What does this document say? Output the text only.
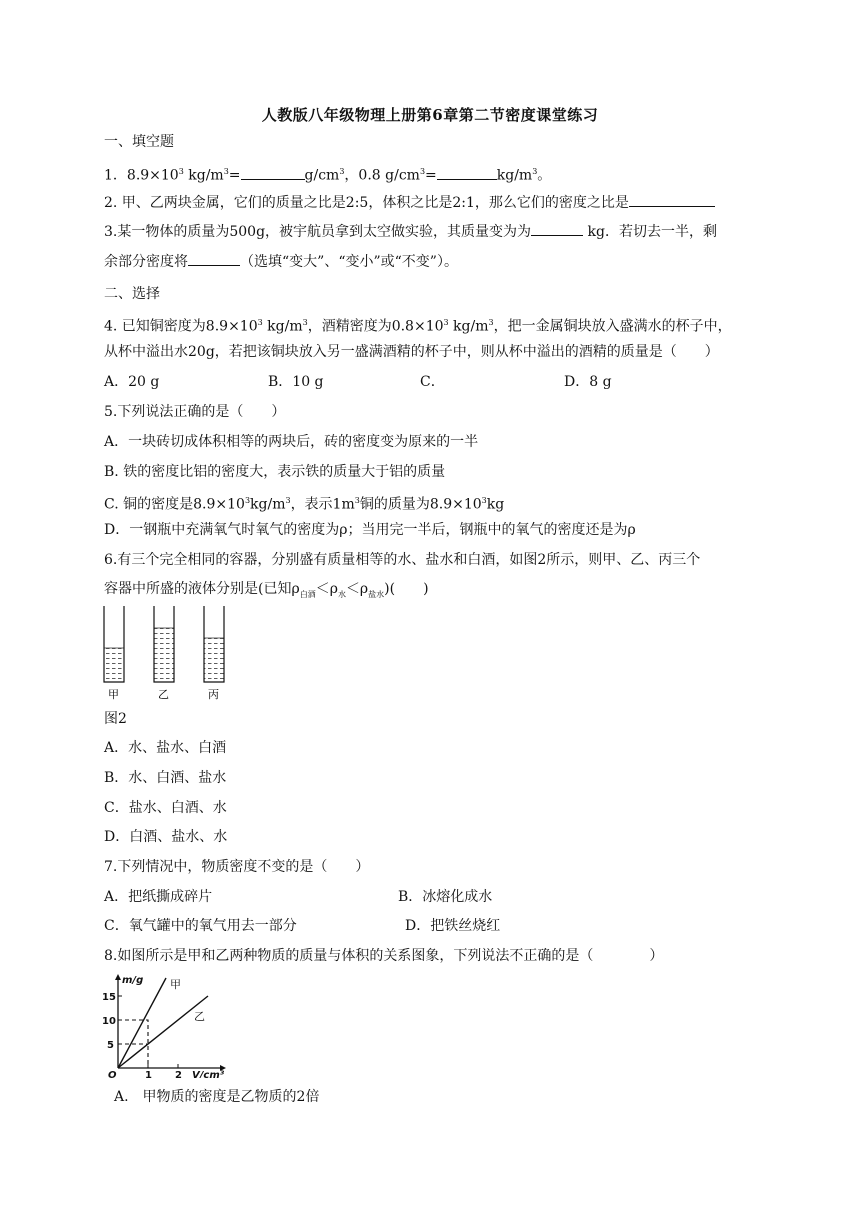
人教版八年级物理上册第6章第二节密度课堂练习
一、填空题
1．$8.9\times 10^3$ $kg/m^3=$	$g/cm^3$，0.8 $g/cm^3=$	$kg/m^3$。
2. 甲、乙两块金属，它们的质量之比是2:5，体积之比是2:1，那么它们的密度之比是
3.某一物体的质量为500g，被宇航员拿到太空做实验，其质量变为为	kg．若切去一半，剩
余部分密度将	（选填“变大”、“变小”或“不变”）。
二、选择
4. 已知铜密度为$8.9\times 10^3$ $kg/m^3$，酒精密度为$0.8\times 10^3$ $kg/m^3$，把一金属铜块放入盛满水的杯子中，
从杯中溢出水20g，若把该铜块放入另一盛满酒精的杯子中，则从杯中溢出的酒精的质量是（　　）
A．20 g	B．10 g	C．	D．8 g
5.下列说法正确的是（　　）
A．一块砖切成体积相等的两块后，砖的密度变为原来的一半
B. 铁的密度比铝的密度大，表示铁的质量大于铝的质量
C. 铜的密度是$8.9\times 10^3kg/m^3$，表示$1m^3$铜的质量为$8.9\times 10^3kg$
D．一钢瓶中充满氧气时氧气的密度为ρ；当用完一半后，钢瓶中的氧气的密度还是为ρ
6.有三个完全相同的容器，分别盛有质量相等的水、盐水和白酒，如图2所示，则甲、乙、丙三个
容器中所盛的液体分别是(已知$\rho_{白酒}<\rho_水<\rho_{盐水}$)(　　)
甲	乙	丙
图2
A．水、盐水、白酒
B．水、白酒、盐水
C．盐水、白酒、水
D．白酒、盐水、水
7.下列情况中，物质密度不变的是（　　）
A．把纸撕成碎片	B．冰熔化成水
C．氧气罐中的氧气用去一部分	D．把铁丝烧红
8.如图所示是甲和乙两种物质的质量与体积的关系图象，下列说法不正确的是（　　　　）
m/g
15
10
5
O	1 2 V/cm³
甲
乙
A.　甲物质的密度是乙物质的2倍
